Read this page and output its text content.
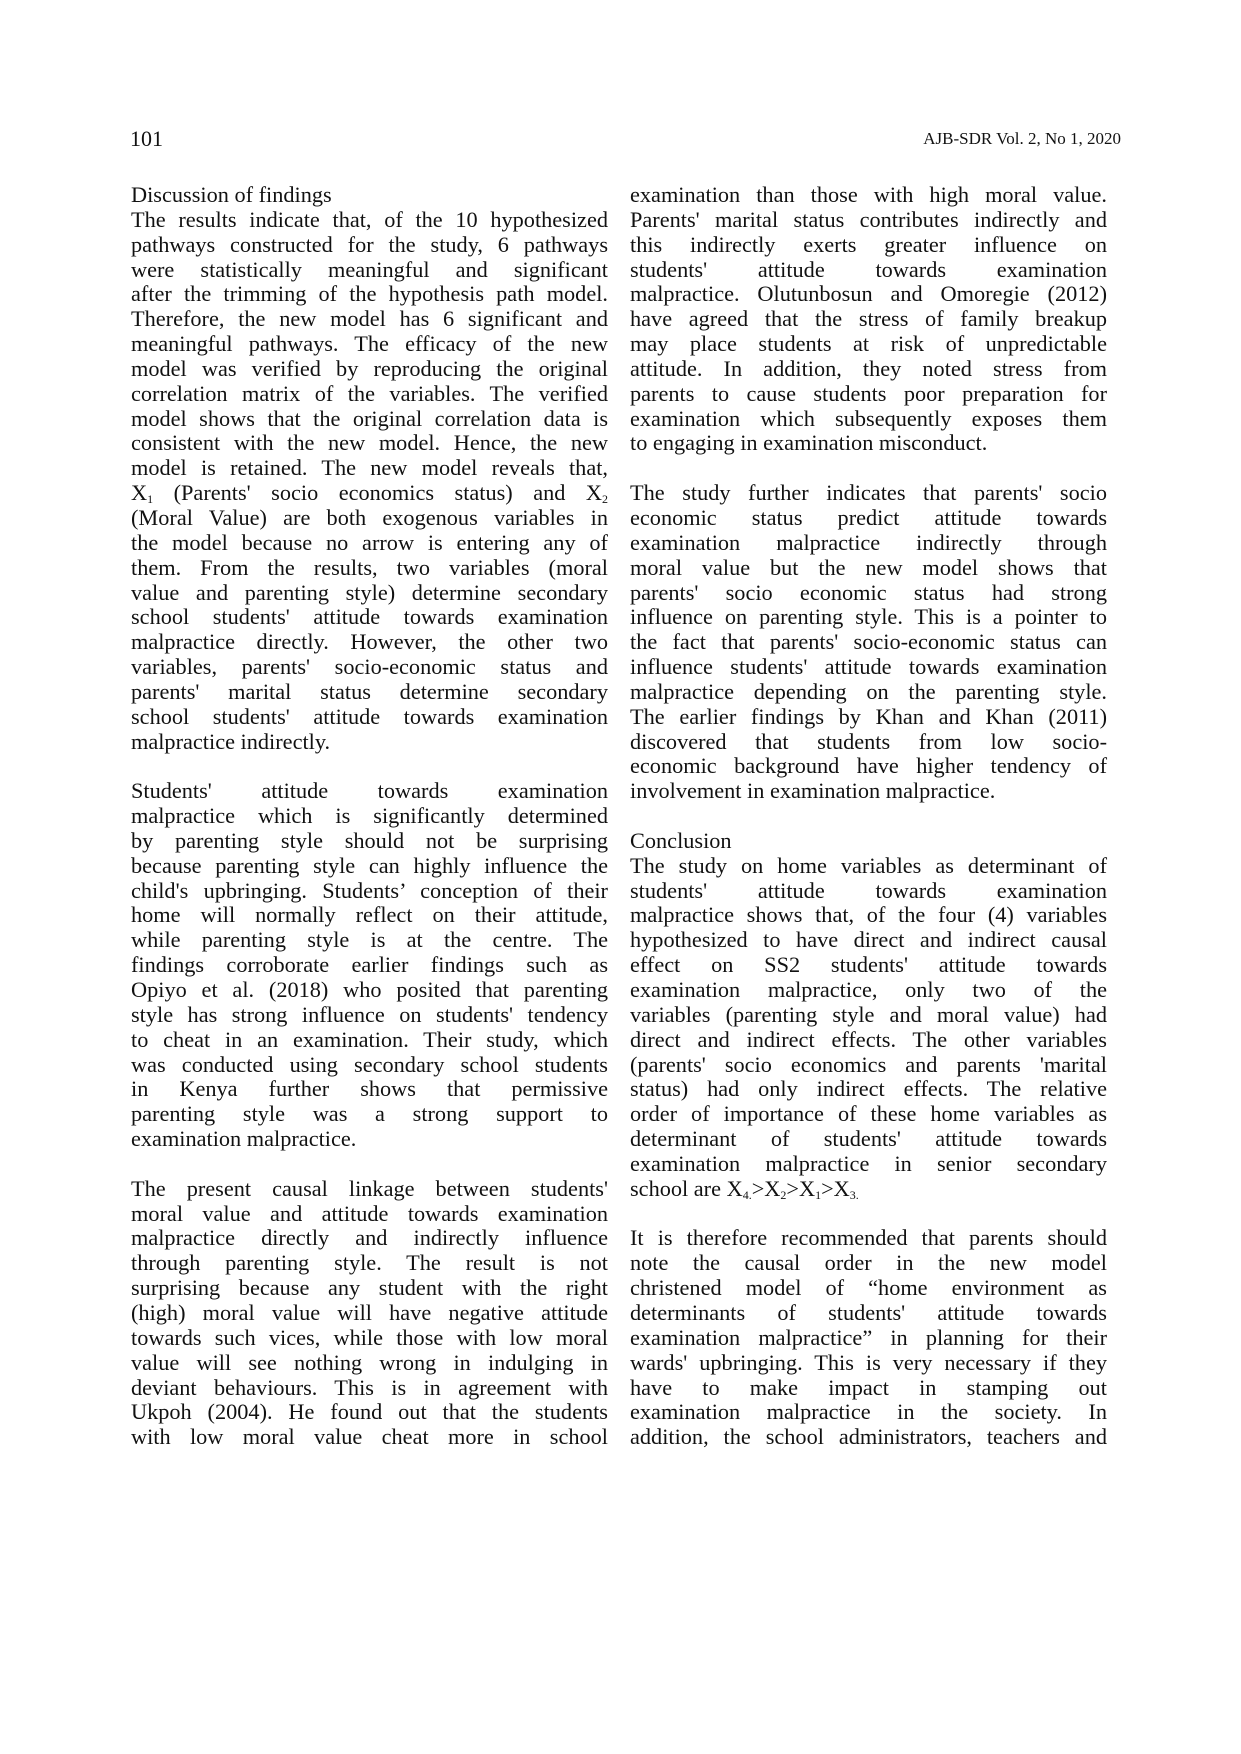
101	AJB-SDR Vol. 2, No 1, 2020
Discussion of findings
The results indicate that, of the 10 hypothesized
pathways constructed for the study, 6 pathways
were statistically meaningful and significant
after the trimming of the hypothesis path model.
Therefore, the new model has 6 significant and
meaningful pathways. The efficacy of the new
model was verified by reproducing the original
correlation matrix of the variables. The verified
model shows that the original correlation data is
consistent with the new model. Hence, the new
model is retained. The new model reveals that,
$X_1$ (Parents' socio economics status) and $X_2$
(Moral Value) are both exogenous variables in
the model because no arrow is entering any of
them. From the results, two variables (moral
value and parenting style) determine secondary
school students' attitude towards examination
malpractice directly. However, the other two
variables, parents' socio-economic status and
parents' marital status determine secondary
school students' attitude towards examination
malpractice indirectly.
Students' attitude towards examination
malpractice which is significantly determined
by parenting style should not be surprising
because parenting style can highly influence the
child's upbringing. Students’ conception of their
home will normally reflect on their attitude,
while parenting style is at the centre. The
findings corroborate earlier findings such as
Opiyo et al. (2018) who posited that parenting
style has strong influence on students' tendency
to cheat in an examination. Their study, which
was conducted using secondary school students
in Kenya further shows that permissive
parenting style was a strong support to
examination malpractice.
The present causal linkage between students'
moral value and attitude towards examination
malpractice directly and indirectly influence
through parenting style. The result is not
surprising because any student with the right
(high) moral value will have negative attitude
towards such vices, while those with low moral
value will see nothing wrong in indulging in
deviant behaviours. This is in agreement with
Ukpoh (2004). He found out that the students
with low moral value cheat more in school
examination than those with high moral value.
Parents' marital status contributes indirectly and
this indirectly exerts greater influence on
students' attitude towards examination
malpractice. Olutunbosun and Omoregie (2012)
have agreed that the stress of family breakup
may place students at risk of unpredictable
attitude. In addition, they noted stress from
parents to cause students poor preparation for
examination which subsequently exposes them
to engaging in examination misconduct.
The study further indicates that parents' socio
economic status predict attitude towards
examination malpractice indirectly through
moral value but the new model shows that
parents' socio economic status had strong
influence on parenting style. This is a pointer to
the fact that parents' socio-economic status can
influence students' attitude towards examination
malpractice depending on the parenting style.
The earlier findings by Khan and Khan (2011)
discovered that students from low socio-
economic background have higher tendency of
involvement in examination malpractice.
Conclusion
The study on home variables as determinant of
students' attitude towards examination
malpractice shows that, of the four (4) variables
hypothesized to have direct and indirect causal
effect on SS2 students' attitude towards
examination malpractice, only two of the
variables (parenting style and moral value) had
direct and indirect effects. The other variables
(parents' socio economics and parents 'marital
status) had only indirect effects. The relative
order of importance of these home variables as
determinant of students' attitude towards
examination malpractice in senior secondary
school are $X_{4.}>X_2>X_1>X_{3.}$
It is therefore recommended that parents should
note the causal order in the new model
christened model of “home environment as
determinants of students' attitude towards
examination malpractice” in planning for their
wards' upbringing. This is very necessary if they
have to make impact in stamping out
examination malpractice in the society. In
addition, the school administrators, teachers and
